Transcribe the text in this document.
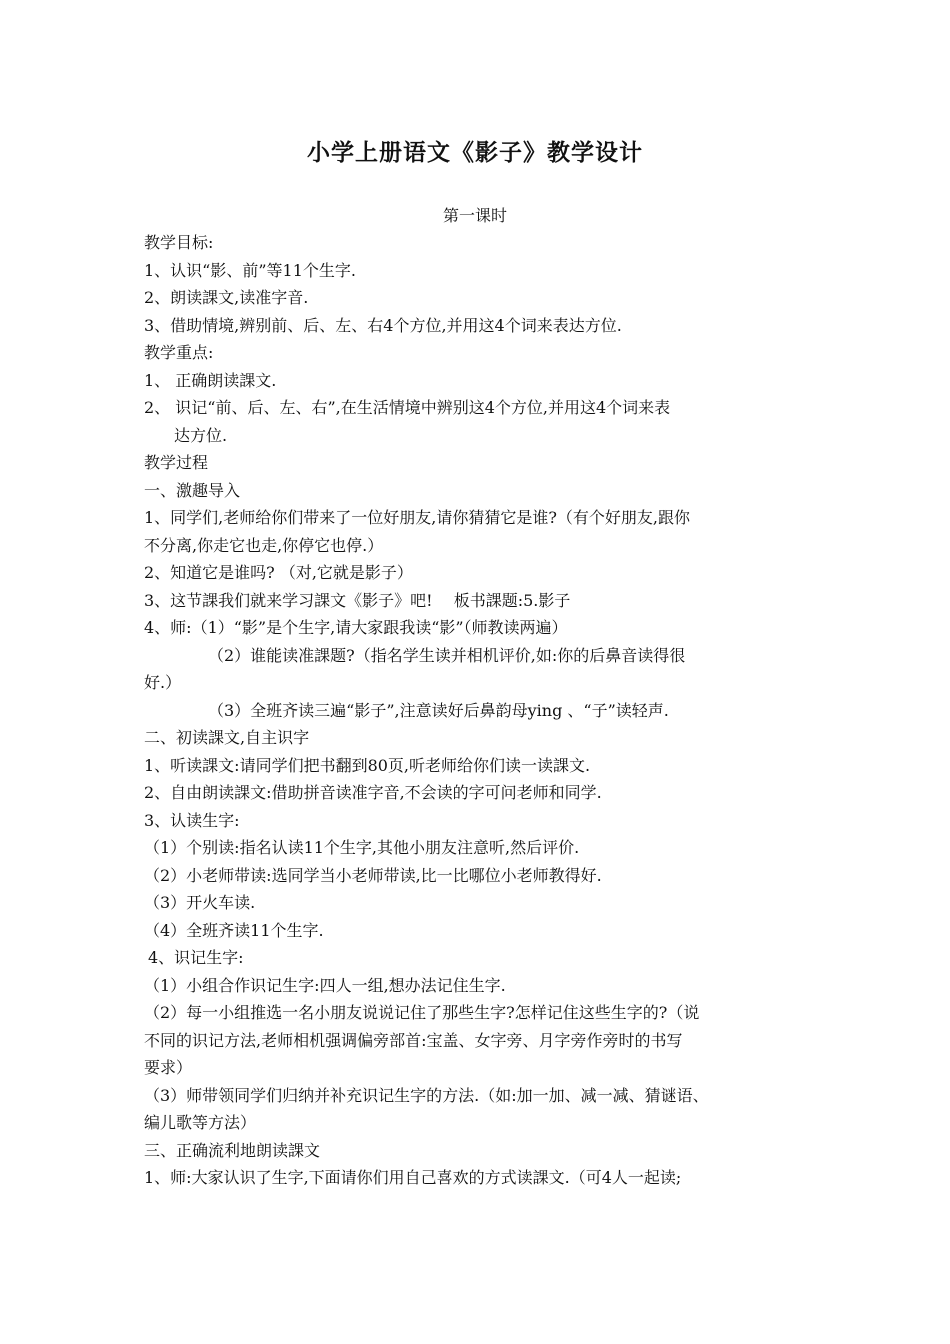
小学上册语文《影子》教学设计
第一课时

教学目标:

1、认识“影、前”等11个生字.

2、朗读課文,读准字音.

3、借助情境,辨别前、后、左、右4个方位,并用这4个词来表达方位.

教学重点:

1、 正确朗读課文.

2、 识记“前、后、左、右”,在生活情境中辨别这4个方位,并用这4个词来表

达方位.

教学过程

一、激趣导入

1、同学们,老师给你们带来了一位好朋友,请你猜猜它是谁?（有个好朋友,跟你

不分离,你走它也走,你停它也停.）

2、知道它是谁吗? （对,它就是影子）

3、这节課我们就来学习課文《影子》吧!　 板书課题:5.影子

4、师:（1）“影”是个生字,请大家跟我读“影”（师教读两遍）

（2）谁能读准課题?（指名学生读并相机评价,如:你的后鼻音读得很

好.）

（3）全班齐读三遍“影子”,注意读好后鼻韵母ying 、“子”读轻声.

二、初读課文,自主识字

1、听读課文:请同学们把书翻到80页,听老师给你们读一读課文.

2、自由朗读課文:借助拼音读准字音,不会读的字可问老师和同学.

3、认读生字:

（1）个别读:指名认读11个生字,其他小朋友注意听,然后评价.

（2）小老师带读:选同学当小老师带读,比一比哪位小老师教得好.

（3）开火车读.

（4）全班齐读11个生字.

4、识记生字:

（1）小组合作识记生字:四人一组,想办法记住生字.

（2）每一小组推选一名小朋友说说记住了那些生字?怎样记住这些生字的?（说

不同的识记方法,老师相机强调偏旁部首:宝盖、女字旁、月字旁作旁时的书写

要求）

（3）师带领同学们归纳并补充识记生字的方法.（如:加一加、减一减、猜谜语、

编儿歌等方法）

三、正确流利地朗读課文

1、师:大家认识了生字,下面请你们用自己喜欢的方式读課文.（可4人一起读;
